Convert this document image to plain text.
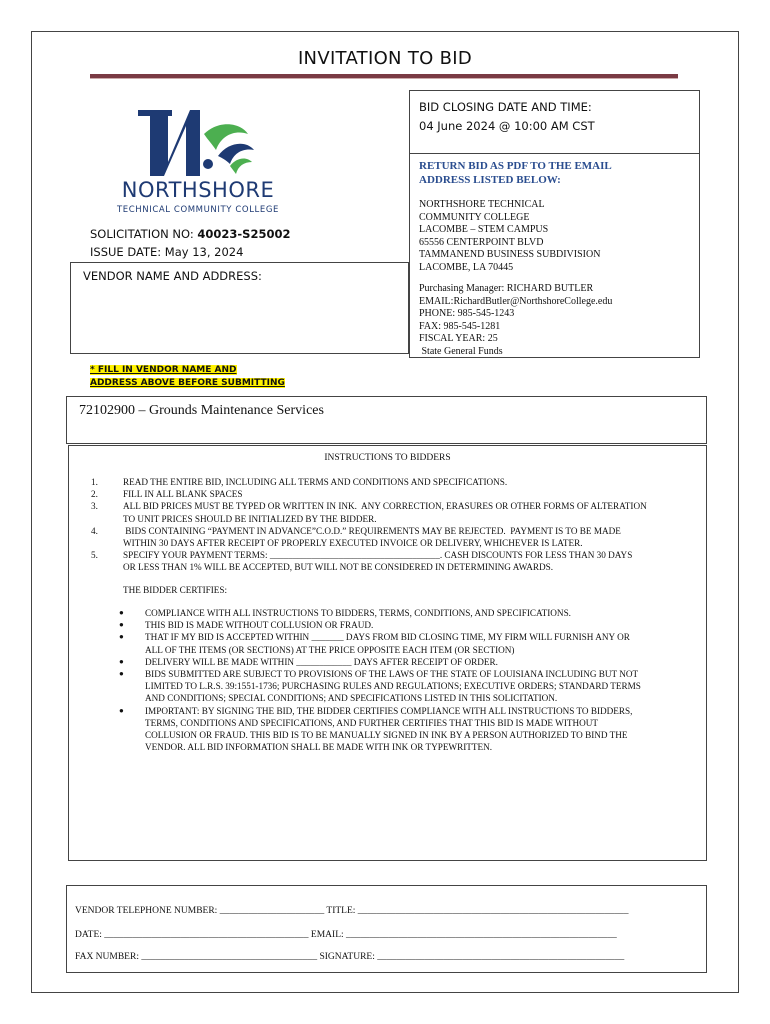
INVITATION TO BID
NORTHSHORE
TECHNICAL COMMUNITY COLLEGE
SOLICITATION NO: 40023-S25002
ISSUE DATE: May 13, 2024
VENDOR NAME AND ADDRESS:
BID CLOSING DATE AND TIME:
04 June 2024 @ 10:00 AM CST
RETURN BID AS PDF TO THE EMAIL
ADDRESS LISTED BELOW:
NORTHSHORE TECHNICAL
COMMUNITY COLLEGE
LACOMBE – STEM CAMPUS
65556 CENTERPOINT BLVD
TAMMANEND BUSINESS SUBDIVISION
LACOMBE, LA 70445
Purchasing Manager: RICHARD BUTLER
EMAIL:RichardButler@NorthshoreCollege.edu
PHONE: 985-545-1243
FAX: 985-545-1281
FISCAL YEAR: 25
State General Funds
* FILL IN VENDOR NAME AND
ADDRESS ABOVE BEFORE SUBMITTING
72102900 – Grounds Maintenance Services
INSTRUCTIONS TO BIDDERS
1.	READ THE ENTIRE BID, INCLUDING ALL TERMS AND CONDITIONS AND SPECIFICATIONS.
2.	FILL IN ALL BLANK SPACES
3.	ALL BID PRICES MUST BE TYPED OR WRITTEN IN INK.  ANY CORRECTION, ERASURES OR OTHER FORMS OF ALTERATION
TO UNIT PRICES SHOULD BE INITIALIZED BY THE BIDDER.
4.	BIDS CONTAINING “PAYMENT IN ADVANCE”C.O.D.” REQUIREMENTS MAY BE REJECTED.  PAYMENT IS TO BE MADE
WITHIN 30 DAYS AFTER RECEIPT OF PROPERLY EXECUTED INVOICE OR DELIVERY, WHICHEVER IS LATER.
5.	SPECIFY YOUR PAYMENT TERMS: _____________________________________. CASH DISCOUNTS FOR LESS THAN 30 DAYS
OR LESS THAN 1% WILL BE ACCEPTED, BUT WILL NOT BE CONSIDERED IN DETERMINING AWARDS.
THE BIDDER CERTIFIES:
● COMPLIANCE WITH ALL INSTRUCTIONS TO BIDDERS, TERMS, CONDITIONS, AND SPECIFICATIONS.
● THIS BID IS MADE WITHOUT COLLUSION OR FRAUD.
● THAT IF MY BID IS ACCEPTED WITHIN _______ DAYS FROM BID CLOSING TIME, MY FIRM WILL FURNISH ANY OR
ALL OF THE ITEMS (OR SECTIONS) AT THE PRICE OPPOSITE EACH ITEM (OR SECTION)
● DELIVERY WILL BE MADE WITHIN ____________ DAYS AFTER RECEIPT OF ORDER.
● BIDS SUBMITTED ARE SUBJECT TO PROVISIONS OF THE LAWS OF THE STATE OF LOUISIANA INCLUDING BUT NOT
LIMITED TO L.R.S. 39:1551-1736; PURCHASING RULES AND REGULATIONS; EXECUTIVE ORDERS; STANDARD TERMS
AND CONDITIONS; SPECIAL CONDITIONS; AND SPECIFICATIONS LISTED IN THIS SOLICITATION.
● IMPORTANT: BY SIGNING THE BID, THE BIDDER CERTIFIES COMPLIANCE WITH ALL INSTRUCTIONS TO BIDDERS,
TERMS, CONDITIONS AND SPECIFICATIONS, AND FURTHER CERTIFIES THAT THIS BID IS MADE WITHOUT
COLLUSION OR FRAUD. THIS BID IS TO BE MANUALLY SIGNED IN INK BY A PERSON AUTHORIZED TO BIND THE
VENDOR. ALL BID INFORMATION SHALL BE MADE WITH INK OR TYPEWRITTEN.
VENDOR TELEPHONE NUMBER: ______________________ TITLE: _________________________________________________________
DATE: ___________________________________________ EMAIL: _________________________________________________________
FAX NUMBER: _____________________________________ SIGNATURE: ____________________________________________________
